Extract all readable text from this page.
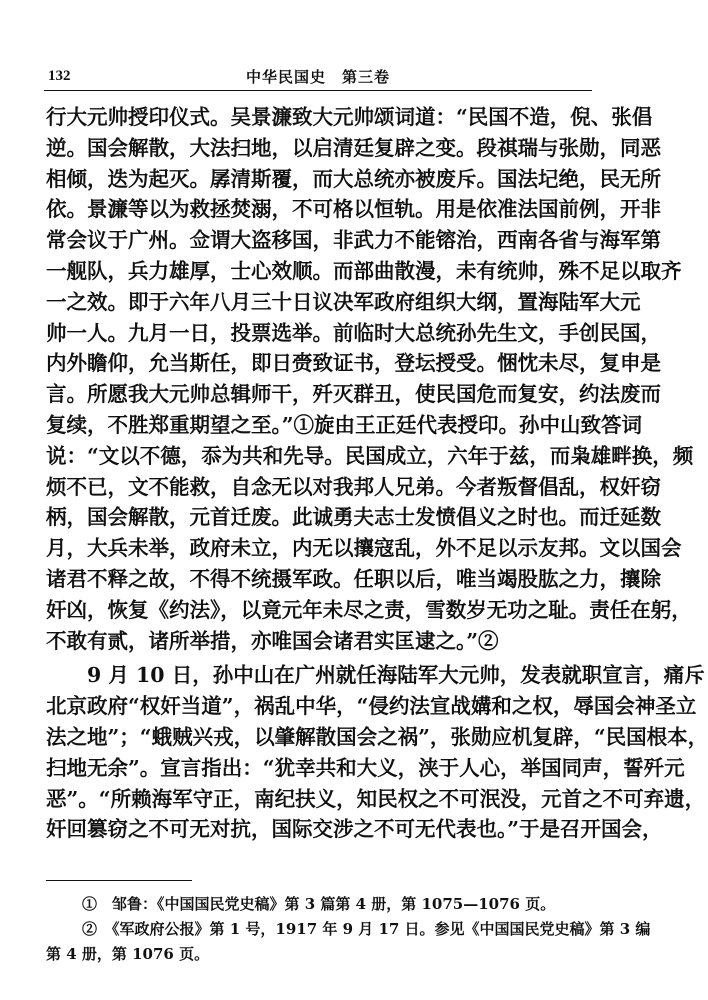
132	中华民国史　第三卷

行大元帅授印仪式。吴景濂致大元帅颂词道：“民国不造，倪、张倡
逆。国会解散，大法扫地，以启清廷复辟之变。段祺瑞与张勋，同恶
相倾，迭为起灭。孱清斯覆，而大总统亦被废斥。国法圮绝，民无所
依。景濂等以为救拯焚溺，不可格以恒轨。用是依准法国前例，开非
常会议于广州。佥谓大盗移国，非武力不能镕治，西南各省与海军第
一舰队，兵力雄厚，士心效顺。而部曲散漫，未有统帅，殊不足以取齐
一之效。即于六年八月三十日议决军政府组织大纲，置海陆军大元
帅一人。九月一日，投票选举。前临时大总统孙先生文，手创民国，
内外瞻仰，允当斯任，即日赍致证书，登坛授受。悃忱未尽，复申是
言。所愿我大元帅总辑师干，歼灭群丑，使民国危而复安，约法废而
复续，不胜郑重期望之至。”①旋由王正廷代表授印。孙中山致答词
说：“文以不德，忝为共和先导。民国成立，六年于兹，而枭雄畔换，频
烦不已，文不能救，自念无以对我邦人兄弟。今者叛督倡乱，权奸窃
柄，国会解散，元首迁废。此诚勇夫志士发愤倡义之时也。而迁延数
月，大兵未举，政府未立，内无以攘寇乱，外不足以示友邦。文以国会
诸君不释之故，不得不统摄军政。任职以后，唯当竭股肱之力，攘除
奸凶，恢复《约法》，以竟元年未尽之责，雪数岁无功之耻。责任在躬，
不敢有贰，诸所举措，亦唯国会诸君实匡逮之。”②

9 月 10 日，孙中山在广州就任海陆军大元帅，发表就职宣言，痛斥
北京政府“权奸当道”，祸乱中华，“侵约法宣战媾和之权，辱国会神圣立
法之地”；“蛾贼兴戎，以肇解散国会之祸”，张勋应机复辟，“民国根本，
扫地无余”。宣言指出：“犹幸共和大义，浃于人心，举国同声，誓歼元
恶”。“所赖海军守正，南纪扶义，知民权之不可泯没，元首之不可弃遗，
奸回篡窃之不可无对抗，国际交涉之不可无代表也。”于是召开国会，

①　邹鲁：《中国国民党史稿》第 3 篇第 4 册，第 1075—1076 页。

②　《军政府公报》第 1 号，1917 年 9 月 17 日。参见《中国国民党史稿》第 3 编
第 4 册，第 1076 页。
